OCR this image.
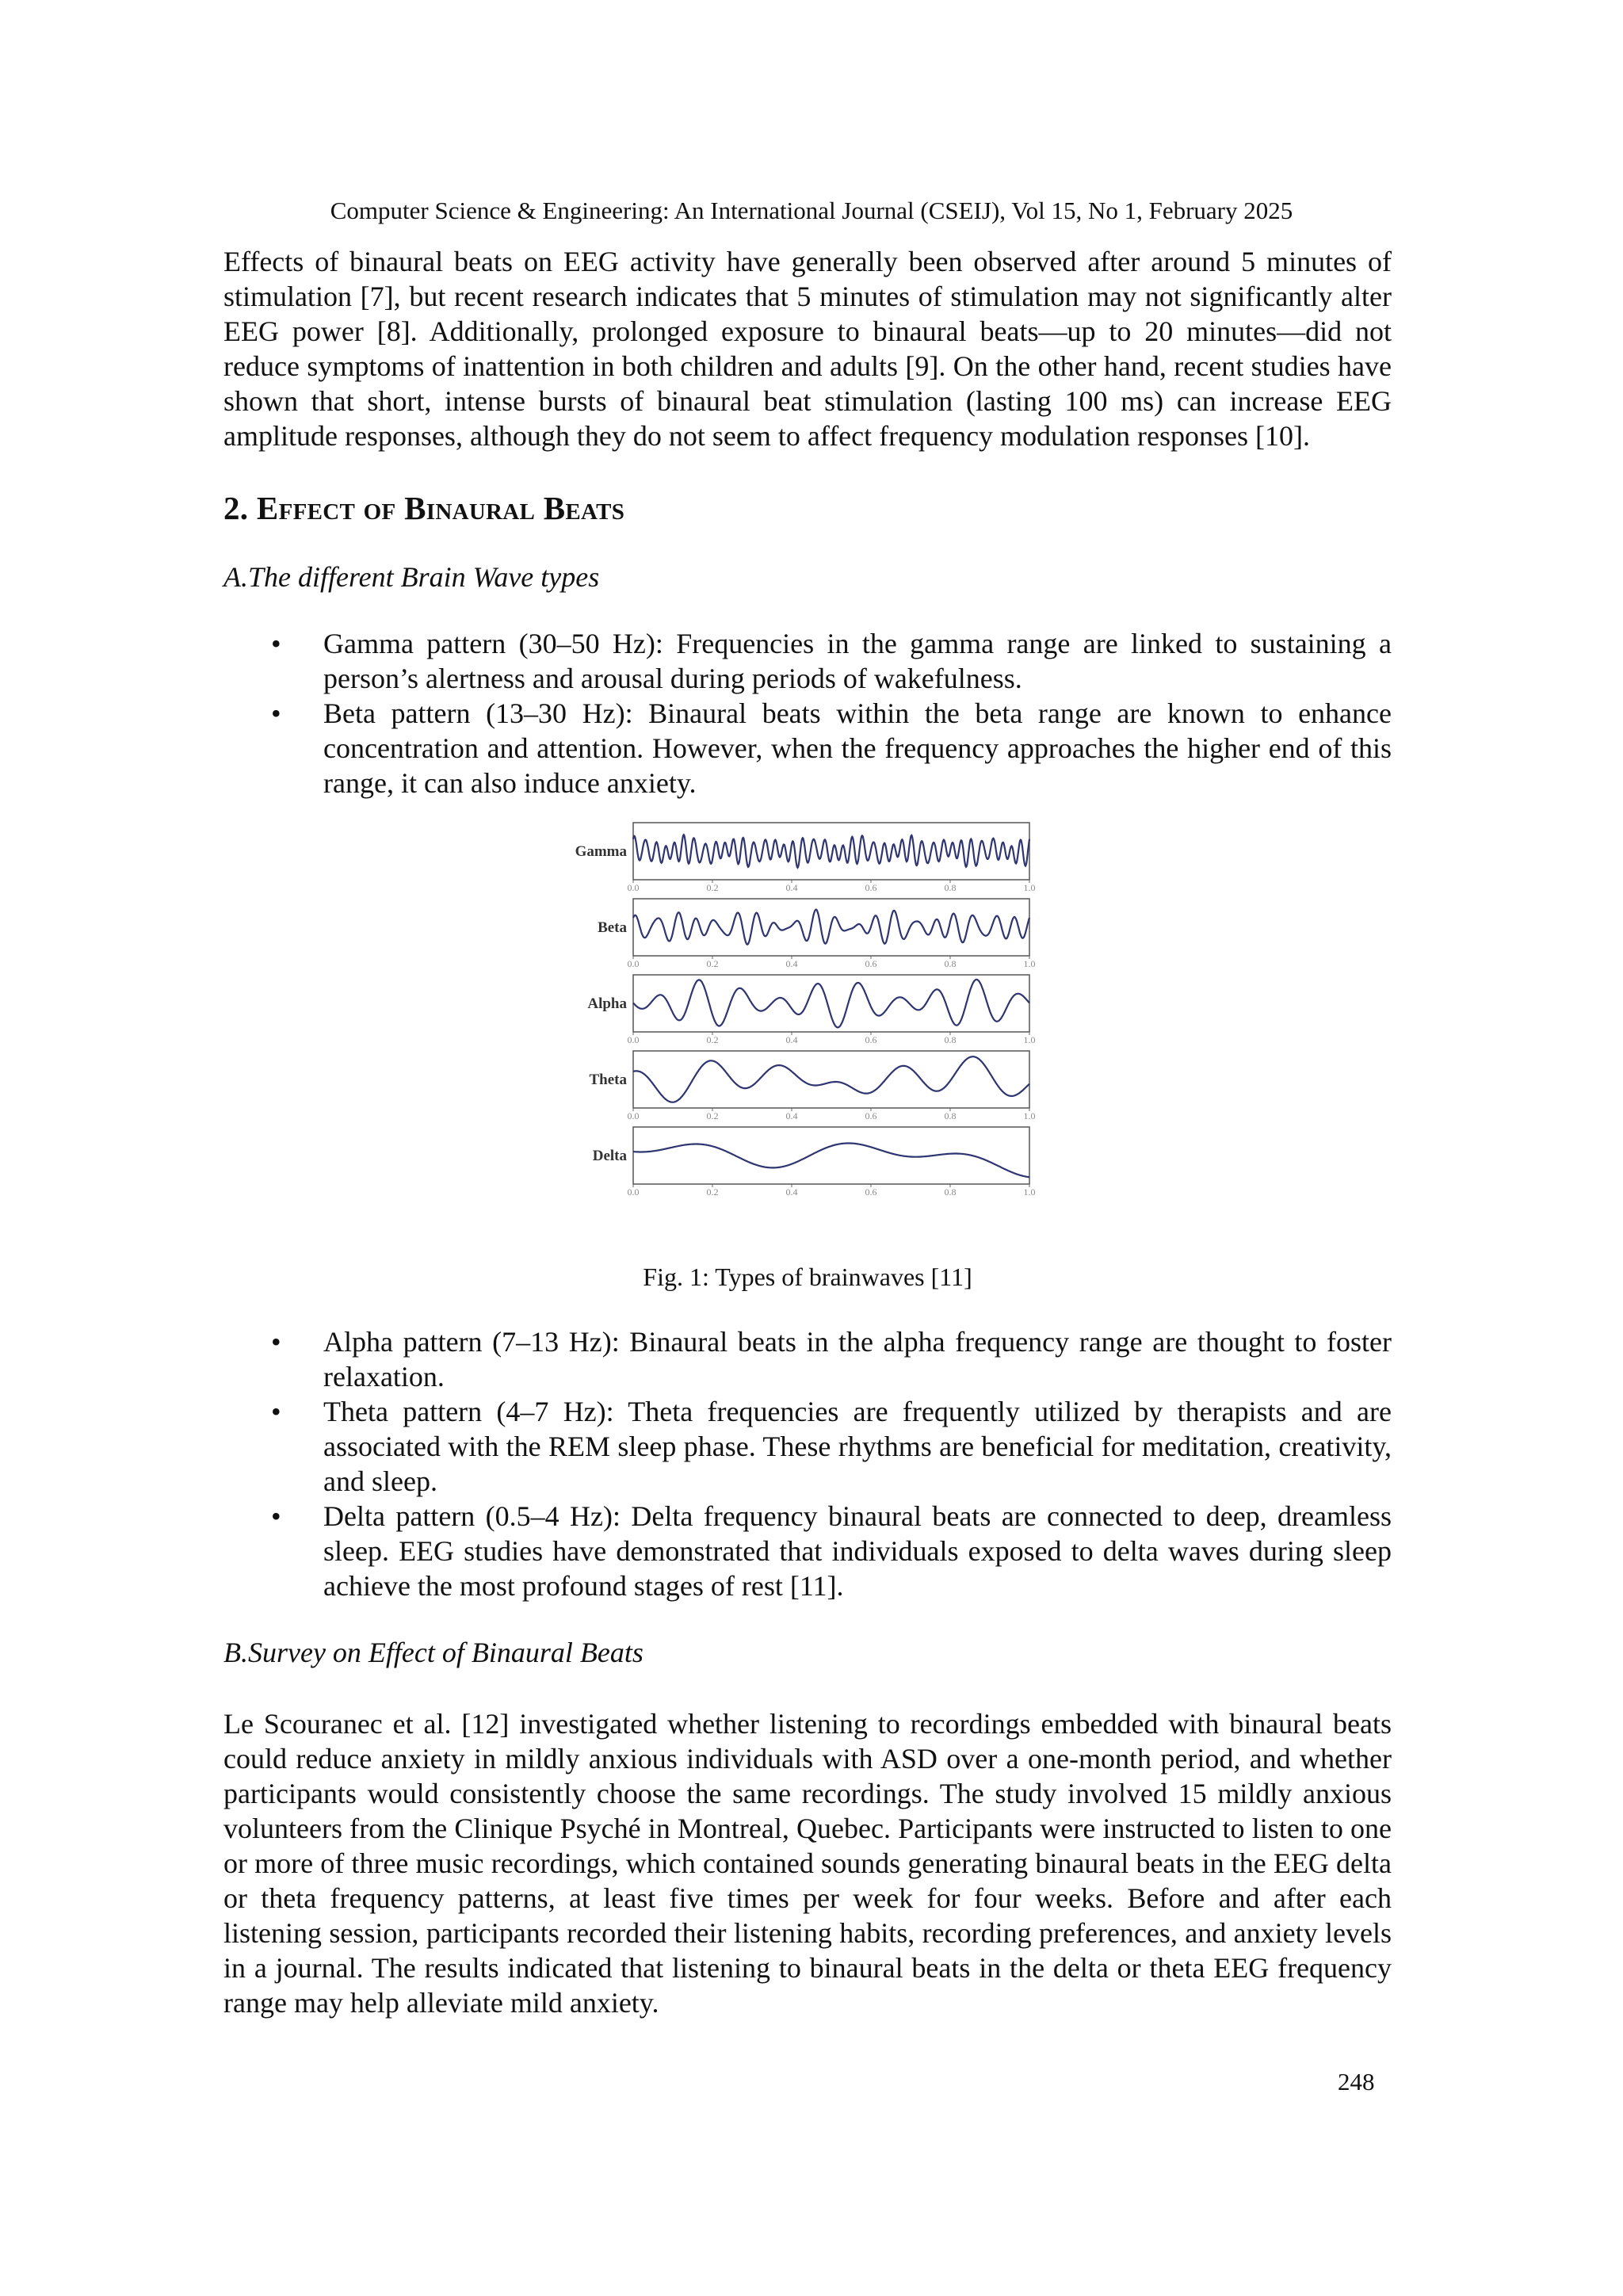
Computer Science & Engineering: An International Journal (CSEIJ), Vol 15, No 1, February 2025

Effects of binaural beats on EEG activity have generally been observed after around 5 minutes of stimulation [7], but recent research indicates that 5 minutes of stimulation may not significantly alter EEG power [8]. Additionally, prolonged exposure to binaural beats—up to 20 minutes—did not reduce symptoms of inattention in both children and adults [9]. On the other hand, recent studies have shown that short, intense bursts of binaural beat stimulation (lasting 100 ms) can increase EEG amplitude responses, although they do not seem to affect frequency modulation responses [10].

2. Effect of Binaural Beats
A.The different Brain Wave types
• Gamma pattern (30–50 Hz): Frequencies in the gamma range are linked to sustaining a person’s alertness and arousal during periods of wakefulness.
• Beta pattern (13–30 Hz): Binaural beats within the beta range are known to enhance concentration and attention. However, when the frequency approaches the higher end of this range, it can also induce anxiety.
Gamma
0.0	0.2	0.4	0.6	0.8	1.0
Beta
0.0	0.2	0.4	0.6	0.8	1.0
Alpha
0.0	0.2	0.4	0.6	0.8	1.0
Theta
0.0	0.2	0.4	0.6	0.8	1.0
Delta
0.0	0.2	0.4	0.6	0.8	1.0
Fig. 1: Types of brainwaves [11]
• Alpha pattern (7–13 Hz): Binaural beats in the alpha frequency range are thought to foster relaxation.
• Theta pattern (4–7 Hz): Theta frequencies are frequently utilized by therapists and are associated with the REM sleep phase. These rhythms are beneficial for meditation, creativity, and sleep.
• Delta pattern (0.5–4 Hz): Delta frequency binaural beats are connected to deep, dreamless sleep. EEG studies have demonstrated that individuals exposed to delta waves during sleep achieve the most profound stages of rest [11].
B.Survey on Effect of Binaural Beats

Le Scouranec et al. [12] investigated whether listening to recordings embedded with binaural beats could reduce anxiety in mildly anxious individuals with ASD over a one-month period, and whether participants would consistently choose the same recordings. The study involved 15 mildly anxious volunteers from the Clinique Psyché in Montreal, Quebec. Participants were instructed to listen to one or more of three music recordings, which contained sounds generating binaural beats in the EEG delta or theta frequency patterns, at least five times per week for four weeks. Before and after each listening session, participants recorded their listening habits, recording preferences, and anxiety levels in a journal. The results indicated that listening to binaural beats in the delta or theta EEG frequency range may help alleviate mild anxiety.

248
